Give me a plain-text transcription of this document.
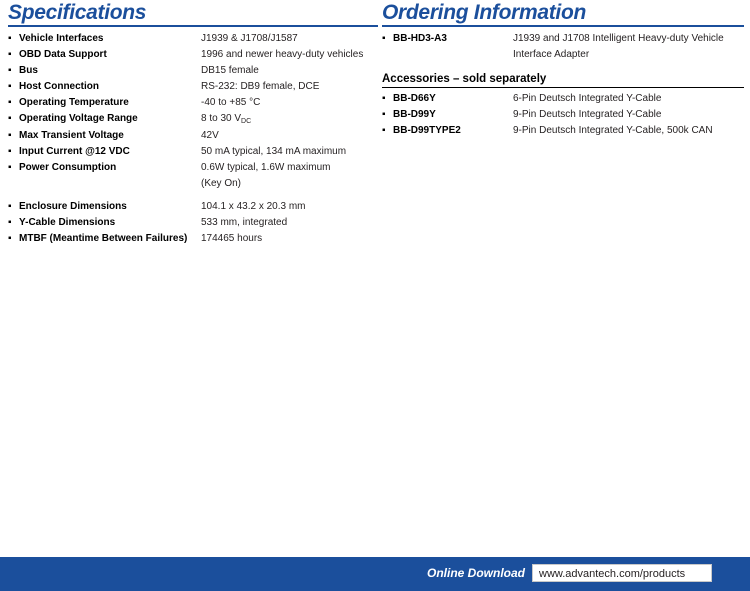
Specifications
▪	Vehicle Interfaces	J1939 & J1708/J1587
▪	OBD Data Support	1996 and newer heavy-duty vehicles
▪	Bus	DB15 female
▪	Host Connection	RS-232: DB9 female, DCE
▪	Operating Temperature	-40 to +85 °C
▪	Operating Voltage Range	8 to 30 $V_{DC}$
▪	Max Transient Voltage	42V
▪	Input Current @12 VDC	50 mA typical, 134 mA maximum
▪	Power Consumption	0.6W typical, 1.6W maximum
(Key On)

▪	Enclosure Dimensions	104.1 x 43.2 x 20.3 mm
▪	Y-Cable Dimensions	533 mm, integrated
▪	MTBF (Meantime Between Failures)	174465 hours
Ordering Information
▪	BB-HD3-A3	J1939 and J1708 Intelligent Heavy-duty Vehicle Interface Adapter
Accessories – sold separately
▪	BB-D66Y	6-Pin Deutsch Integrated Y-Cable
▪	BB-D99Y	9-Pin Deutsch Integrated Y-Cable
▪	BB-D99TYPE2	9-Pin Deutsch Integrated Y-Cable, 500k CAN
Online Download	www.advantech.com/products
